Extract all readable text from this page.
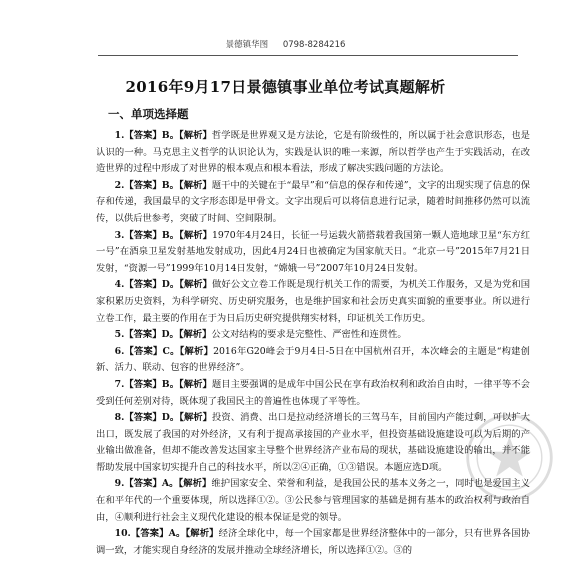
景德镇华图 0798-8284216
2016年9月17日景德镇事业单位考试真题解析
一、单项选择题

1.【答案】B。【解析】哲学既是世界观又是方法论，它是有阶级性的，所以属于社会意识形态，也是认识的一种。马克思主义哲学的认识论认为，实践是认识的唯一来源，所以哲学也产生于实践活动，在改造世界的过程中形成了对世界的根本观点和根本看法，形成了解决实践问题的方法论。

2.【答案】B。【解析】题干中的关键在于“最早”和“信息的保存和传递”，文字的出现实现了信息的保存和传递，我国最早的文字形态即是甲骨文。文字出现后可以将信息进行记录，随着时间推移仍然可以流传，以供后世参考，突破了时间、空间限制。

3.【答案】B。【解析】1970年4月24日，长征一号运载火箭搭载着我国第一颗人造地球卫星“东方红一号”在酒泉卫星发射基地发射成功，因此4月24日也被确定为国家航天日。“北京一号”2015年7月21日发射，“资源一号”1999年10月14日发射，“嫦娥一号”2007年10月24日发射。

4.【答案】D。【解析】做好公文立卷工作既是现行机关工作的需要，为机关工作服务，又是为党和国家积累历史资料，为科学研究、历史研究服务，也是维护国家和社会历史真实面貌的重要事业。所以进行立卷工作，最主要的作用在于为日后历史研究提供翔实材料，印证机关工作历史。

5.【答案】D。【解析】公文对结构的要求是完整性、严密性和连贯性。

6.【答案】C。【解析】2016年G20峰会于9月4日-5日在中国杭州召开，本次峰会的主题是“构建创新、活力、联动、包容的世界经济”。

7.【答案】B。【解析】题目主要强调的是成年中国公民在享有政治权利和政治自由时，一律平等不会受到任何差别对待，既体现了我国民主的普遍性也体现了平等性。

8.【答案】D。【解析】投资、消费、出口是拉动经济增长的三驾马车，目前国内产能过剩，可以扩大出口，既发展了我国的对外经济，又有利于提高承接国的产业水平，但投资基础设施建设可以为后期的产业输出做准备，但却不能改善发达国家主导整个世界经济产业布局的现状，基础设施建设的输出，并不能帮助发展中国家切实提升自己的科技水平，所以②④正确，①③错误。本题应选D项。

9.【答案】A。【解析】维护国家安全、荣誉和利益，是我国公民的基本义务之一，同时也是爱国主义在和平年代的一个重要体现，所以选择①②。③公民参与管理国家的基础是拥有基本的政治权利与政治自由，④顺利进行社会主义现代化建设的根本保证是党的领导。

10.【答案】A。【解析】经济全球化中，每一个国家都是世界经济整体中的一部分，只有世界各国协调一致，才能实现自身经济的发展并推动全球经济增长，所以选择①②。③的
